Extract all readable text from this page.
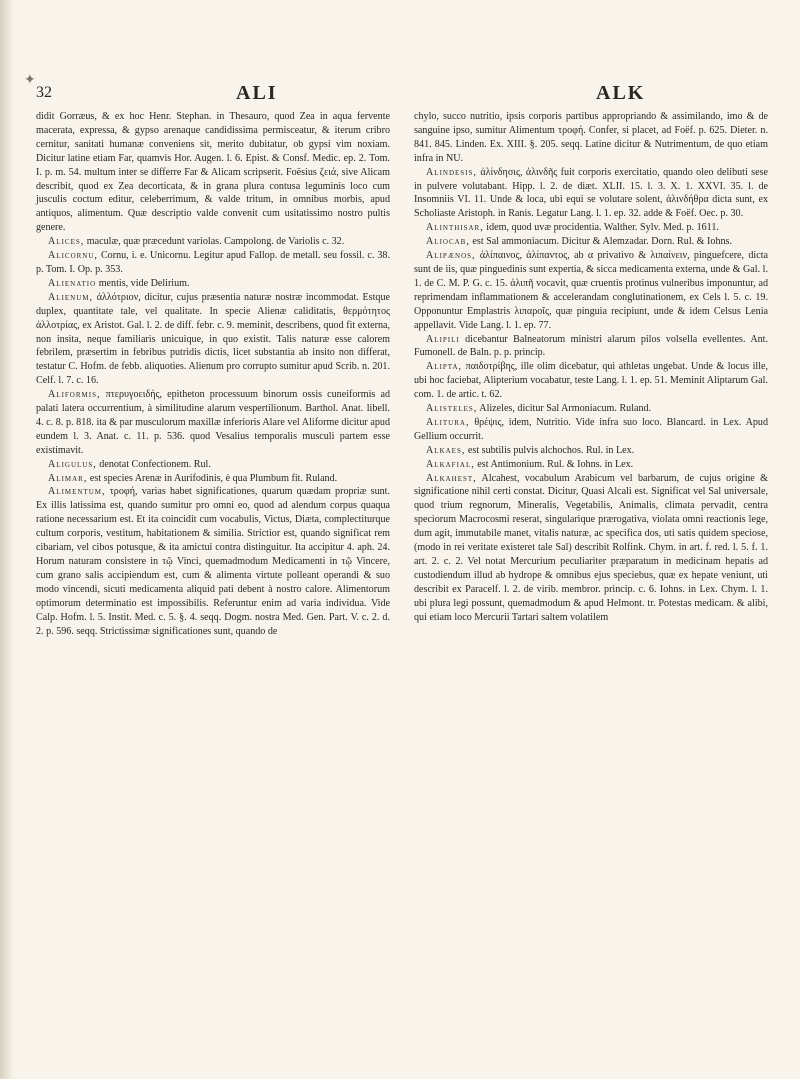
✦
32	ALI	ALK

didit Gorræus, & ex hoc Henr. Stephan. in Thesauro, quod Zea in aqua fervente macerata, expressa, & gypso arenaque candidissima permisceatur, & iterum cribro cernitur, sanitati humanæ conveniens sit, merito dubitatur, ob gypsi vim noxiam. Dicitur latine etiam Far, quamvis Hor. Augen. l. 6. Epist. & Consf. Medic. ep. 2. Tom. I. p. m. 54. multum inter se differre Far & Alicam scripserit. Foësius ζειά, sive Alicam describit, quod ex Zea decorticata, & in grana plura contusa leguminis loco cum jusculis coctum editur, celeberrimum, & valde tritum, in omnibus morbis, apud antiquos, alimentum. Quæ descriptio valde convenit cum usitatissimo nostro pultis genere.

Alices, maculæ, quæ præcedunt variolas. Campolong. de Variolis c. 32.

Alicornu, Cornu, i. e. Unicornu. Legitur apud Fallop. de metall. seu fossil. c. 38. p. Tom. I. Op. p. 353.

Alienatio mentis, vide Delirium.

Alienum, ἀλλότριον, dicitur, cujus præsentia naturæ nostræ incommodat. Estque duplex, quantitate tale, vel qualitate. In specie Alienæ caliditatis, θερμότητος ἀλλοτρίας, ex Aristot. Gal. l. 2. de diff. febr. c. 9. meminit, describens, quod fit externa, non insita, neque familiaris unicuique, in quo existit. Talis naturæ esse calorem febrilem, præsertim in febribus putridis dictis, licet substantia ab insito non differat, testatur C. Hofm. de febb. aliquoties. Alienum pro corrupto sumitur apud Scrib. n. 201. Celf. l. 7. c. 16.

Aliformis, πτερυγοειδής, epitheton processuum binorum ossis cuneiformis ad palati latera occurrentium, à similitudine alarum vespertilionum. Barthol. Anat. libell. 4. c. 8. p. 818. ita & par musculorum maxillæ inferioris Alare vel Aliforme dicitur apud eundem l. 3. Anat. c. 11. p. 536. quod Vesalius temporalis musculi partem esse existimavit.

Aligulus, denotat Confectionem. Rul.

Alimar, est species Arenæ in Aurifodinis, è qua Plumbum fit. Ruland.

Alimentum, τροφή, varias habet significationes, quarum quædam propriæ sunt. Ex illis latissima est, quando sumitur pro omni eo, quod ad alendum corpus quaqua ratione necessarium est. Et ita coincidit cum vocabulis, Victus, Diæta, complectiturque cultum corporis, vestitum, habitationem & similia. Strictior est, quando significat rem cibariam, vel cibos potusque, & ita amictui contra distinguitur. Ita accipitur 4. aph. 24. Horum naturam consistere in τῷ Vinci, quemadmodum Medicamenti in τῷ Vincere, cum grano salis accipiendum est, cum & alimenta virtute polleant operandi & suo modo vincendi, sicuti medicamenta aliquid pati debent à nostro calore. Alimentorum optimorum determinatio est impossibilis. Referuntur enim ad varia individua. Vide Calp. Hofm. l. 5. Instit. Med. c. 5. §. 4. seqq. Dogm. nostra Med. Gen. Part. V. c. 2. d. 2. p. 596. seqq. Strictissimæ significationes sunt, quando de

chylo, succo nutritio, ipsis corporis partibus appropriando & assimilando, imo & de sanguine ipso, sumitur Alimentum τροφή. Confer, si placet, ad Foëf. p. 625. Dieter. n. 841. 845. Linden. Ex. XIII. §. 205. seqq. Latine dicitur & Nutrimentum, de quo etiam infra in NU.

Alindesis, ἀλίνδησις, ἀλινδῆς fuit corporis exercitatio, quando oleo delibuti sese in pulvere volutabant. Hipp. l. 2. de diæt. XLII. 15. l. 3. X. 1. XXVI. 35. l. de Insomniis VI. 11. Unde & loca, ubi equi se volutare solent, ἀλινδήθρα dicta sunt, ex Scholiaste Aristoph. in Ranis. Legatur Lang. l. 1. ep. 32. adde & Foëf. Oec. p. 30.

Alinthisar, idem, quod uvæ procidentia. Walther. Sylv. Med. p. 1611.

Aliocab, est Sal ammoniacum. Dicitur & Alemzadar. Dorn. Rul. & Iohns.

Alipænos, ἀλίπαινος, ἀλίπαντος, ab α privativo & λιπαίνειν, pinguefcere, dicta sunt de iis, quæ pinguedinis sunt expertia, & sicca medicamenta externa, unde & Gal. l. 1. de C. M. P. G. c. 15. ἀλιπῆ vocavit, quæ cruentis protinus vulneribus imponuntur, ad reprimendam inflammationem & accelerandam conglutinationem, ex Cels l. 5. c. 19. Opponuntur Emplastris λιπαροῖς, quæ pinguia recipiunt, unde & idem Celsus Lenia appellavit. Vide Lang. l. 1. ep. 77.

Alipili dicebantur Balneatorum ministri alarum pilos volsella evellentes. Ant. Fumonell. de Baln. p. p. princip.

Alipta, παιδοτρίβης, ille olim dicebatur, qui athletas ungebat. Unde & locus ille, ubi hoc faciebat, Alipterium vocabatur, teste Lang. l. 1. ep. 51. Meminit Aliptarum Gal. com. 1. de artic. t. 62.

Alisteles, Alizeles, dicitur Sal Armoniacum. Ruland.

Alitura, θρέψις, idem, Nutritio. Vide infra suo loco. Blancard. in Lex. Apud Gellium occurrit.

Alkaes, est subtilis pulvis alchochos. Rul. in Lex.

Alkafial, est Antimonium. Rul. & Iohns. in Lex.

Alkahest, Alcahest, vocabulum Arabicum vel barbarum, de cujus origine & significatione nihil certi constat. Dicitur, Quasi Alcali est. Significat vel Sal universale, quod trium regnorum, Mineralis, Vegetabilis, Animalis, climata pervadit, centra speciorum Macrocosmi reserat, singularique prærogativa, violata omni reactionis lege, dum agit, immutabile manet, vitalis naturæ, ac specifica dos, uti satis quidem speciose, (modo in rei veritate existeret tale Sal) describit Rolfink. Chym. in art. f. red. l. 5. f. 1. art. 2. c. 2. Vel notat Mercurium peculiariter præparatum in medicinam hepatis ad custodiendum illud ab hydrope & omnibus ejus speciebus, quæ ex hepate veniunt, uti describit ex Paracelf. l. 2. de virib. membror. princip. c. 6. Iohns. in Lex. Chym. l. 1. ubi plura legi possunt, quemadmodum & apud Helmont. tr. Potestas medicam. & alibi, qui etiam loco Mercurii Tartari saltem volatilem
